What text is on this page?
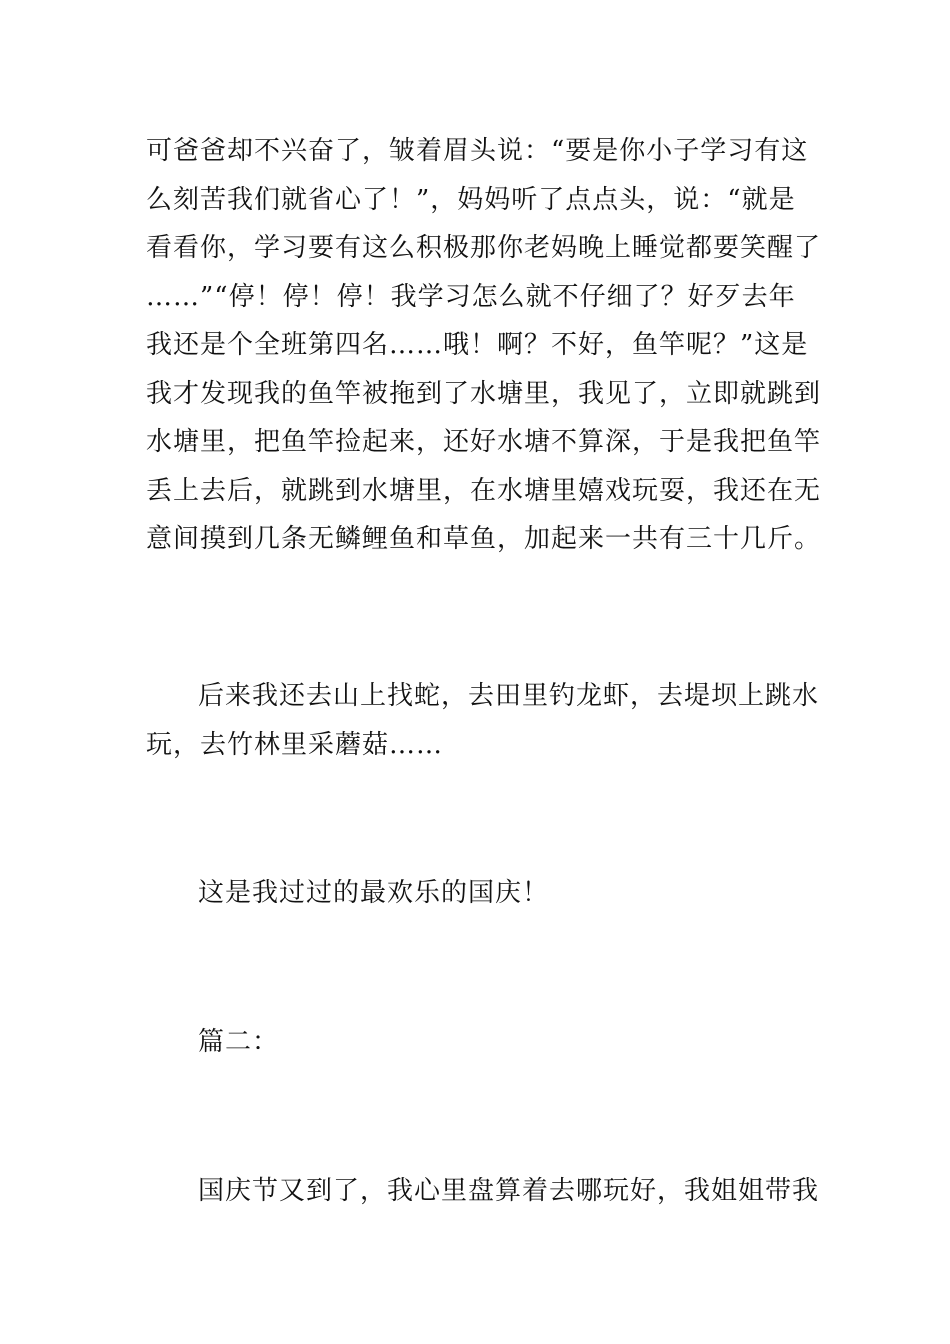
可爸爸却不兴奋了，皱着眉头说：“要是你小子学习有这
么刻苦我们就省心了！”，妈妈听了点点头，说：“就是
看看你，学习要有这么积极那你老妈晚上睡觉都要笑醒了
……”“停！停！停！我学习怎么就不仔细了？好歹去年
我还是个全班第四名……哦！啊？不好，鱼竿呢？”这是
我才发现我的鱼竿被拖到了水塘里，我见了，立即就跳到
水塘里，把鱼竿捡起来，还好水塘不算深，于是我把鱼竿
丢上去后，就跳到水塘里，在水塘里嬉戏玩耍，我还在无
意间摸到几条无鳞鲤鱼和草鱼，加起来一共有三十几斤。
后来我还去山上找蛇，去田里钓龙虾，去堤坝上跳水
玩，去竹林里采蘑菇……
这是我过过的最欢乐的国庆！
篇二：
国庆节又到了，我心里盘算着去哪玩好，我姐姐带我
